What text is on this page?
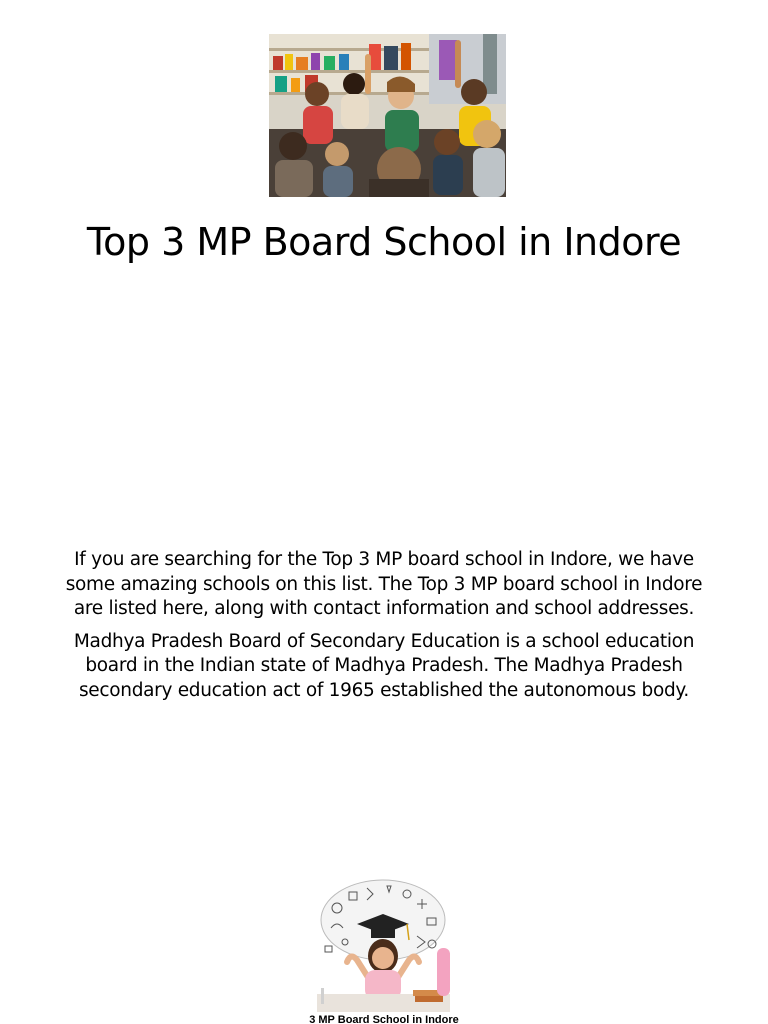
Top 3 MP Board School in Indore

If you are searching for the Top 3 MP board school in Indore, we have some amazing schools on this list. The Top 3 MP board school in Indore are listed here, along with contact information and school addresses.

Madhya Pradesh Board of Secondary Education is a school education board in the Indian state of Madhya Pradesh. The Madhya Pradesh secondary education act of 1965 established the autonomous body.

3 MP Board School in Indore
